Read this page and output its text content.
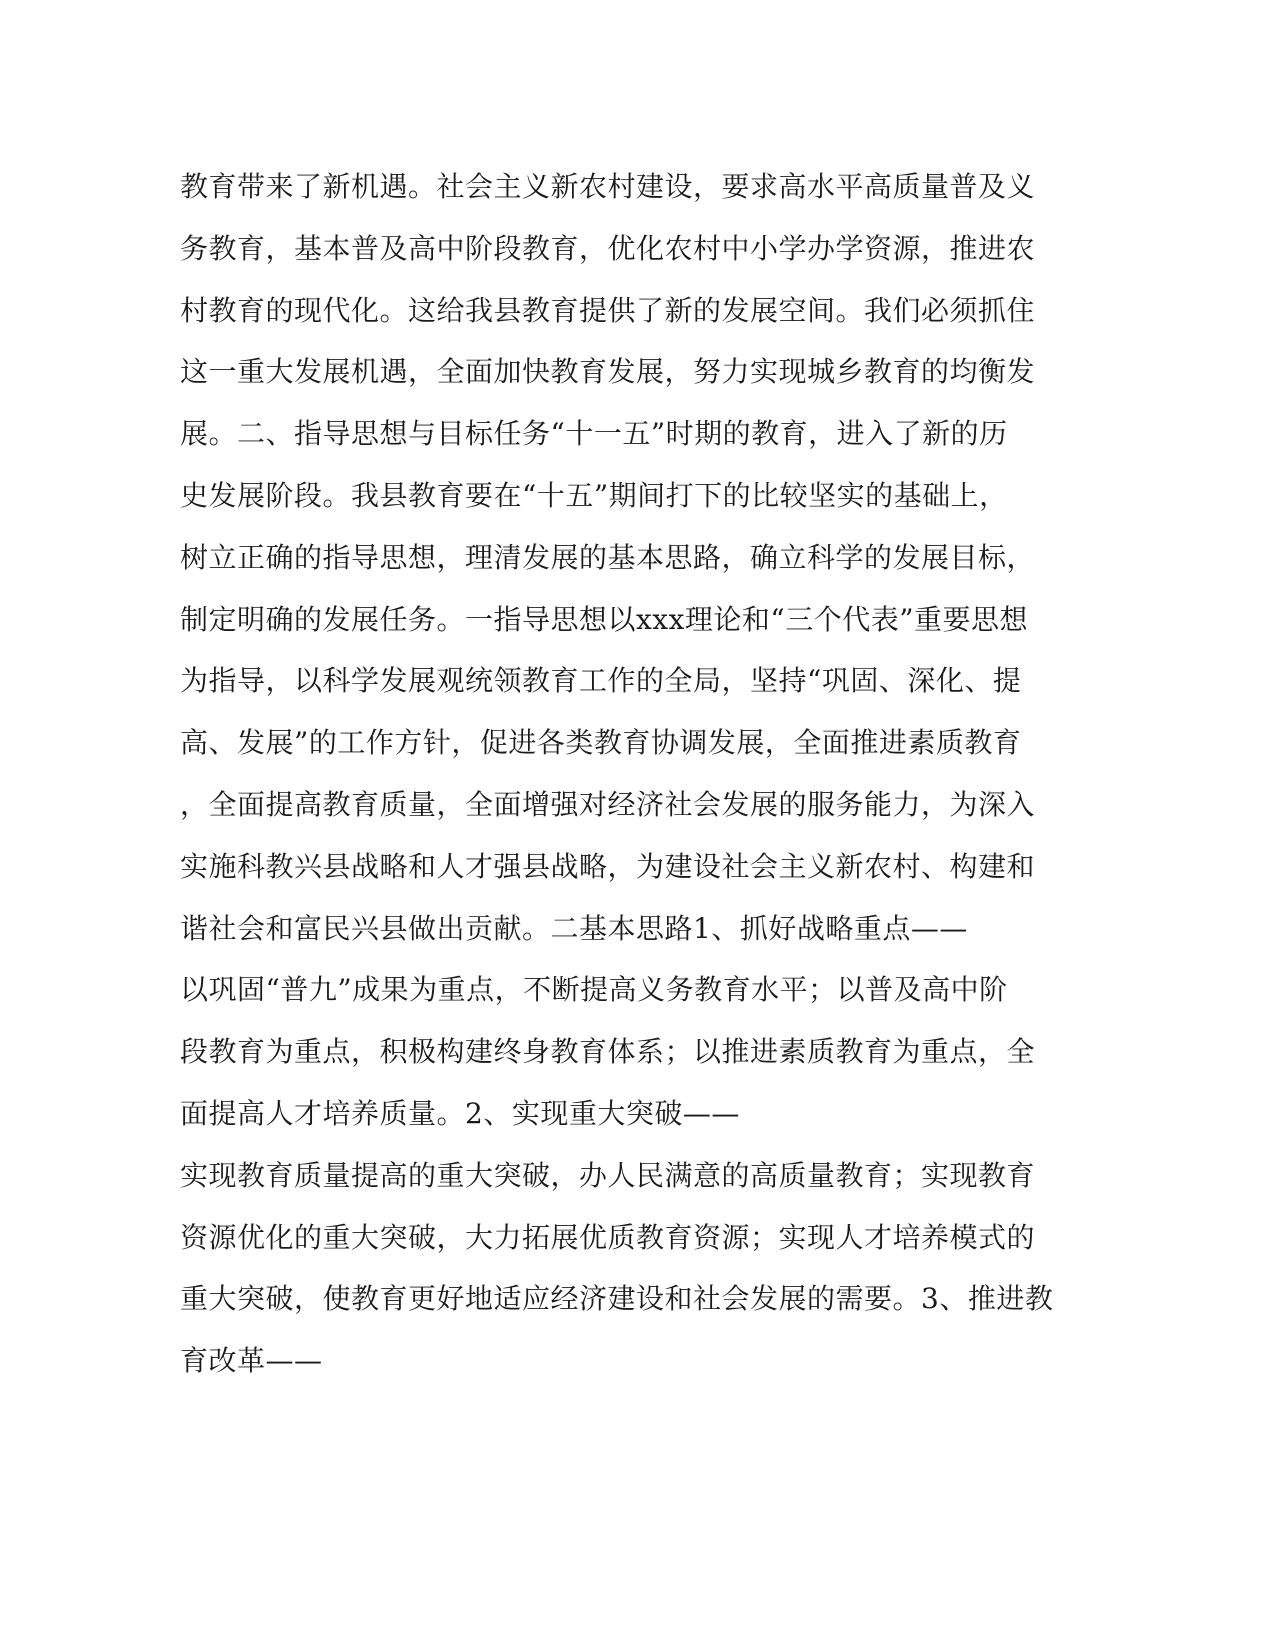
教育带来了新机遇。社会主义新农村建设，要求高水平高质量普及义
务教育，基本普及高中阶段教育，优化农村中小学办学资源，推进农
村教育的现代化。这给我县教育提供了新的发展空间。我们必须抓住
这一重大发展机遇，全面加快教育发展，努力实现城乡教育的均衡发
展。二、指导思想与目标任务“十一五”时期的教育，进入了新的历
史发展阶段。我县教育要在“十五”期间打下的比较坚实的基础上，
树立正确的指导思想，理清发展的基本思路，确立科学的发展目标，
制定明确的发展任务。一指导思想以xxx理论和“三个代表”重要思想
为指导，以科学发展观统领教育工作的全局，坚持“巩固、深化、提
高、发展”的工作方针，促进各类教育协调发展，全面推进素质教育
，全面提高教育质量，全面增强对经济社会发展的服务能力，为深入
实施科教兴县战略和人才强县战略，为建设社会主义新农村、构建和
谐社会和富民兴县做出贡献。二基本思路1、抓好战略重点——
以巩固“普九”成果为重点，不断提高义务教育水平；以普及高中阶
段教育为重点，积极构建终身教育体系；以推进素质教育为重点，全
面提高人才培养质量。2、实现重大突破——
实现教育质量提高的重大突破，办人民满意的高质量教育；实现教育
资源优化的重大突破，大力拓展优质教育资源；实现人才培养模式的
重大突破，使教育更好地适应经济建设和社会发展的需要。3、推进教
育改革——
